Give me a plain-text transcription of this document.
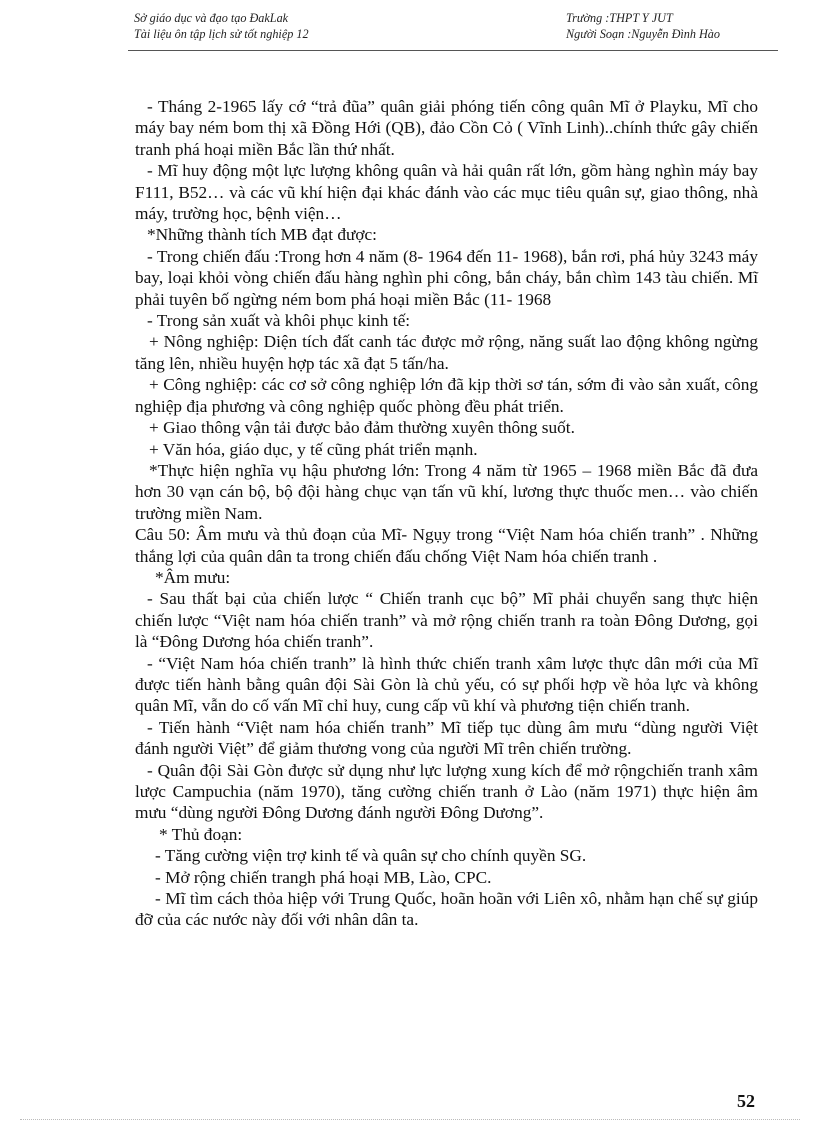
Sở giáo dục và đạo tạo ĐakLak
Tài liệu ôn tập lịch sử tốt nghiệp 12
Trường :THPT Y JUT
Người Soạn :Nguyễn Đình Hào

- Tháng 2-1965 lấy cớ “trả đũa” quân giải phóng tiến công quân Mĩ ở Playku, Mĩ cho máy bay ném bom thị xã Đồng Hới (QB), đảo Cồn Cỏ ( Vĩnh Linh)..chính thức gây chiến tranh phá hoại miền Bắc lần thứ nhất.

- Mĩ huy động một lực lượng không quân và hải quân rất lớn, gồm hàng nghìn máy bay F111, B52… và các vũ khí hiện đại khác đánh vào các mục tiêu quân sự, giao thông, nhà máy, trường học, bệnh viện…

*Những thành tích MB đạt được:

- Trong chiến đấu :Trong hơn 4 năm (8- 1964 đến 11- 1968), bắn rơi, phá hủy 3243 máy bay, loại khỏi vòng chiến đấu hàng nghìn phi công, bắn cháy, bắn chìm 143 tàu chiến. Mĩ phải tuyên bố ngừng ném bom phá hoại miền Bắc (11- 1968

- Trong sản xuất và khôi phục kinh tế:

+ Nông nghiệp: Diện tích đất canh tác được mở rộng, năng suất lao động không ngừng tăng lên, nhiều huyện hợp tác xã đạt 5 tấn/ha.

+ Công nghiệp: các cơ sở công nghiệp lớn đã kịp thời sơ tán, sớm đi vào sản xuất, công nghiệp địa phương và công nghiệp quốc phòng đều phát triển.

+ Giao thông vận tải được bảo đảm thường xuyên thông suốt.

+ Văn hóa, giáo dục, y tế cũng phát triển mạnh.

*Thực hiện nghĩa vụ hậu phương lớn: Trong 4 năm từ 1965 – 1968 miền Bắc đã đưa hơn 30 vạn cán bộ, bộ đội hàng chục vạn tấn vũ khí, lương thực thuốc men… vào chiến trường miền Nam.

Câu 50: Âm mưu và thủ đoạn của Mĩ- Ngụy trong “Việt Nam hóa chiến tranh” . Những thắng lợi của quân dân ta trong chiến đấu chống Việt Nam hóa chiến tranh .

*Âm mưu:

- Sau thất bại của chiến lược “ Chiến tranh cục bộ” Mĩ phải chuyển sang thực hiện chiến lược “Việt nam hóa chiến tranh” và mở rộng chiến tranh ra toàn Đông Dương, gọi là “Đông Dương hóa chiến tranh”.

- “Việt Nam hóa chiến tranh” là hình thức chiến tranh xâm lược thực dân mới của Mĩ được tiến hành bằng quân đội Sài Gòn là chủ yếu, có sự phối hợp về hỏa lực và không quân Mĩ, vẫn do cố vấn Mĩ chỉ huy, cung cấp vũ khí và phương tiện chiến tranh.

- Tiến hành “Việt nam hóa chiến tranh” Mĩ tiếp tục dùng âm mưu “dùng người Việt đánh người Việt” để giảm thương vong của người Mĩ trên chiến trường.

- Quân đội Sài Gòn được sử dụng như lực lượng xung kích để mở rộngchiến tranh xâm lược Campuchia (năm 1970), tăng cường chiến tranh ở Lào (năm 1971) thực hiện âm mưu “dùng người Đông Dương đánh người Đông Dương”.

* Thủ đoạn:

- Tăng cường viện trợ kinh tế và quân sự cho chính quyền SG.

- Mở rộng chiến trangh phá hoại MB, Lào, CPC.

- Mĩ tìm cách thỏa hiệp với Trung Quốc, hoãn hoãn với Liên xô, nhằm hạn chế sự giúp đỡ của các nước này đối với nhân dân ta.

52
